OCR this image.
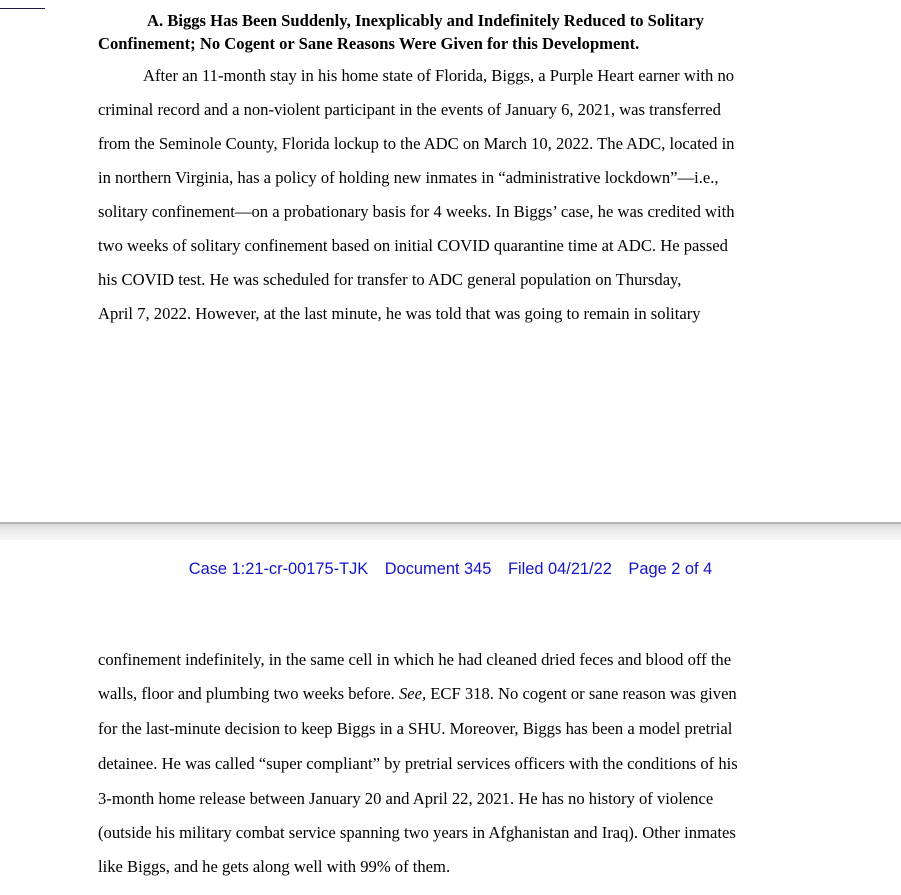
A. Biggs Has Been Suddenly, Inexplicably and Indefinitely Reduced to Solitary
Confinement; No Cogent or Sane Reasons Were Given for this Development.
After an 11-month stay in his home state of Florida, Biggs, a Purple Heart earner with no
criminal record and a non-violent participant in the events of January 6, 2021, was transferred
from the Seminole County, Florida lockup to the ADC on March 10, 2022. The ADC, located in
in northern Virginia, has a policy of holding new inmates in “administrative lockdown”—i.e.,
solitary confinement—on a probationary basis for 4 weeks. In Biggs’ case, he was credited with
two weeks of solitary confinement based on initial COVID quarantine time at ADC. He passed
his COVID test. He was scheduled for transfer to ADC general population on Thursday,
April 7, 2022. However, at the last minute, he was told that was going to remain in solitary
Case 1:21-cr-00175-TJK Document 345 Filed 04/21/22 Page 2 of 4
confinement indefinitely, in the same cell in which he had cleaned dried feces and blood off the
walls, floor and plumbing two weeks before. See, ECF 318. No cogent or sane reason was given
for the last-minute decision to keep Biggs in a SHU. Moreover, Biggs has been a model pretrial
detainee. He was called “super compliant” by pretrial services officers with the conditions of his
3-month home release between January 20 and April 22, 2021. He has no history of violence
(outside his military combat service spanning two years in Afghanistan and Iraq). Other inmates
like Biggs, and he gets along well with 99% of them.
